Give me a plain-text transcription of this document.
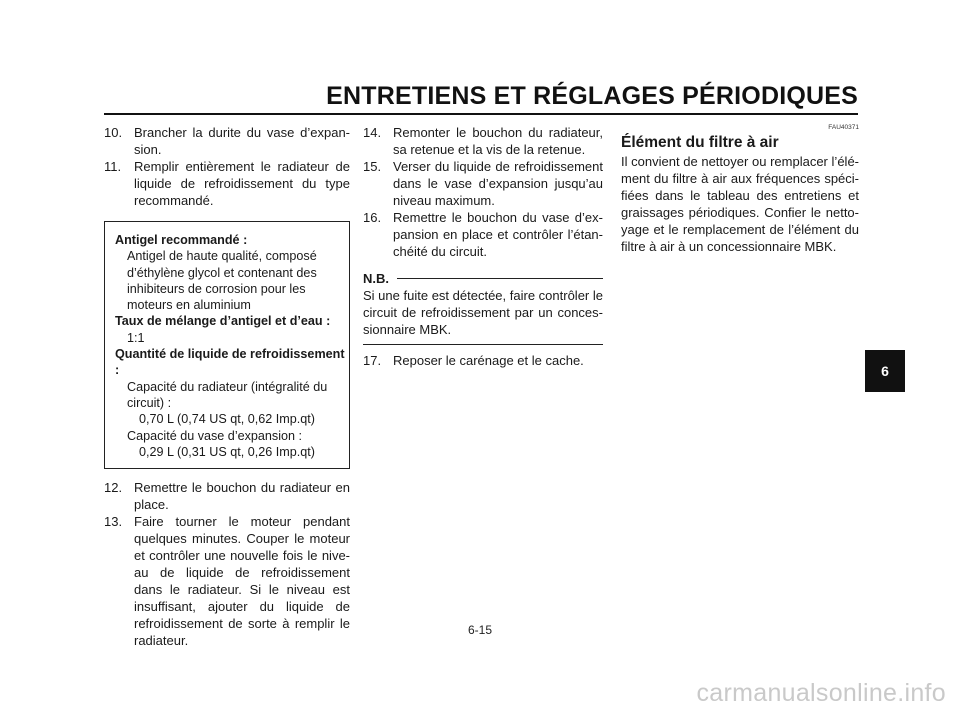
ENTRETIENS ET RÉGLAGES PÉRIODIQUES
10. Brancher la durite du vase d’expan-sion.
11. Remplir entièrement le radiateur de liquide de refroidissement du type recommandé.
Antigel recommandé :
Antigel de haute qualité, composé d’éthylène glycol et contenant des inhibiteurs de corrosion pour les moteurs en aluminium
Taux de mélange d’antigel et d’eau :
1:1
Quantité de liquide de refroidissement :
Capacité du radiateur (intégralité du circuit) :
0,70 L (0,74 US qt, 0,62 Imp.qt)
Capacité du vase d’expansion :
0,29 L (0,31 US qt, 0,26 Imp.qt)
12. Remettre le bouchon du radiateur en place.
13. Faire tourner le moteur pendant quelques minutes. Couper le moteur et contrôler une nouvelle fois le nive-au de liquide de refroidissement dans le radiateur. Si le niveau est insuffisant, ajouter du liquide de refroidissement de sorte à remplir le radiateur.
14. Remonter le bouchon du radiateur, sa retenue et la vis de la retenue.
15. Verser du liquide de refroidissement dans le vase d’expansion jusqu’au niveau maximum.
16. Remettre le bouchon du vase d’ex-pansion en place et contrôler l’étan-chéité du circuit.
N.B.
Si une fuite est détectée, faire contrôler le circuit de refroidissement par un conces-sionnaire MBK.
17. Reposer le carénage et le cache.
FAU40371
Élément du filtre à air
Il convient de nettoyer ou remplacer l’élé-ment du filtre à air aux fréquences spéci-fiées dans le tableau des entretiens et graissages périodiques. Confier le netto-yage et le remplacement de l’élément du filtre à air à un concessionnaire MBK.
6
6-15
carmanualsonline.info
